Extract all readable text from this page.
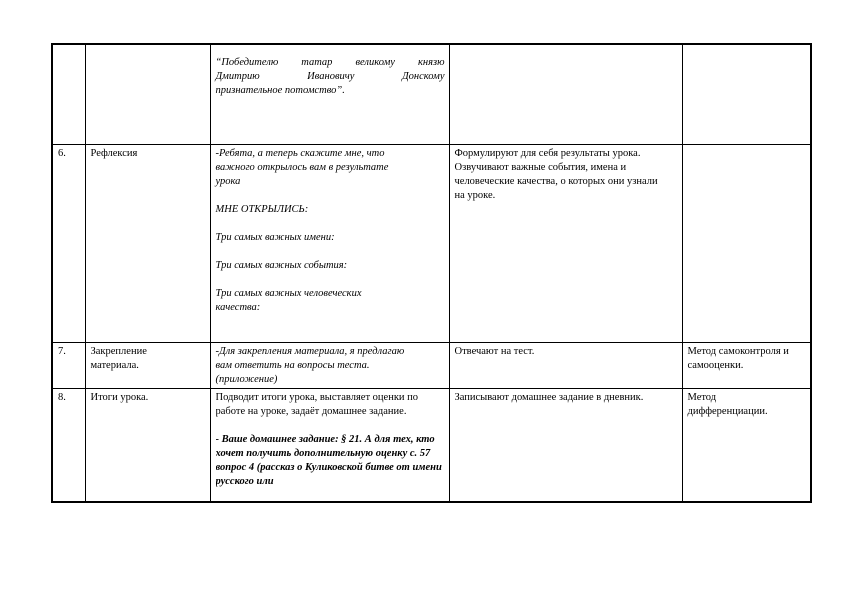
		“Победителю татар великому князю

Дмитрию Ивановичу Донскому

признательное потомство”.		

6.	Рефлексия	-Ребята, а теперь скажите мне, что важного открылось вам в результате урока

МНЕ ОТКРЫЛИСЬ:

Три самых важных имени:

Три самых важных события:

Три самых важных человеческих качества:	Формулируют для себя результаты урока. Озвучивают важные события, имена и человеческие качества, о которых они узнали на уроке.	

7.	Закрепление материала.	-Для закрепления материала, я предлагаю вам ответить на вопросы теста. (приложение)	Отвечают на тест.	Метод самоконтроля и самооценки.

8.	Итоги урока.	Подводит итоги урока, выставляет оценки по работе на уроке, задаёт домашнее задание.

- Ваше домашнее задание: § 21. А для тех, кто хочет получить дополнительную оценку с. 57 вопрос 4 (рассказ о Куликовской битве от имени русского или	Записывают домашнее задание в дневник.	Метод дифференциации.
